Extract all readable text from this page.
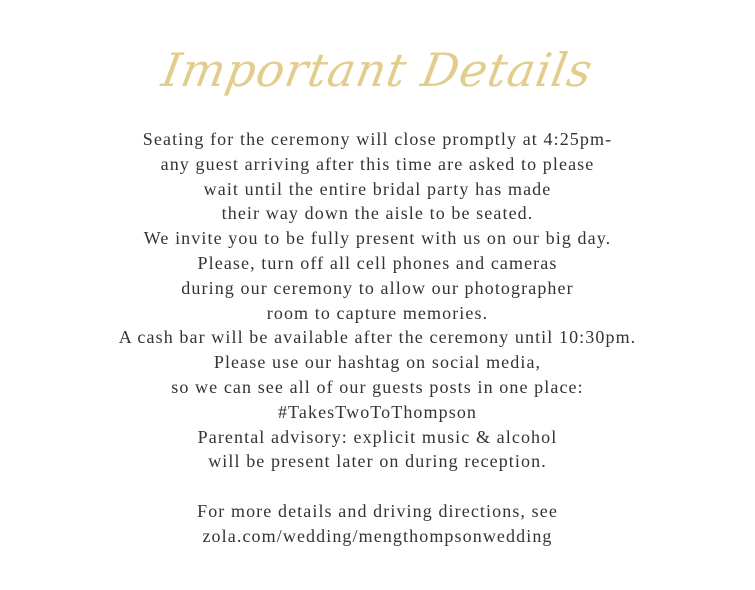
Important Details
Seating for the ceremony will close promptly at 4:25pm-
any guest arriving after this time are asked to please
wait until the entire bridal party has made
their way down the aisle to be seated.
We invite you to be fully present with us on our big day.
Please, turn off all cell phones and cameras
during our ceremony to allow our photographer
room to capture memories.
A cash bar will be available after the ceremony until 10:30pm.
Please use our hashtag on social media,
so we can see all of our guests posts in one place:
#TakesTwoToThompson
Parental advisory: explicit music & alcohol
will be present later on during reception.
For more details and driving directions, see
zola.com/wedding/mengthompsonwedding
